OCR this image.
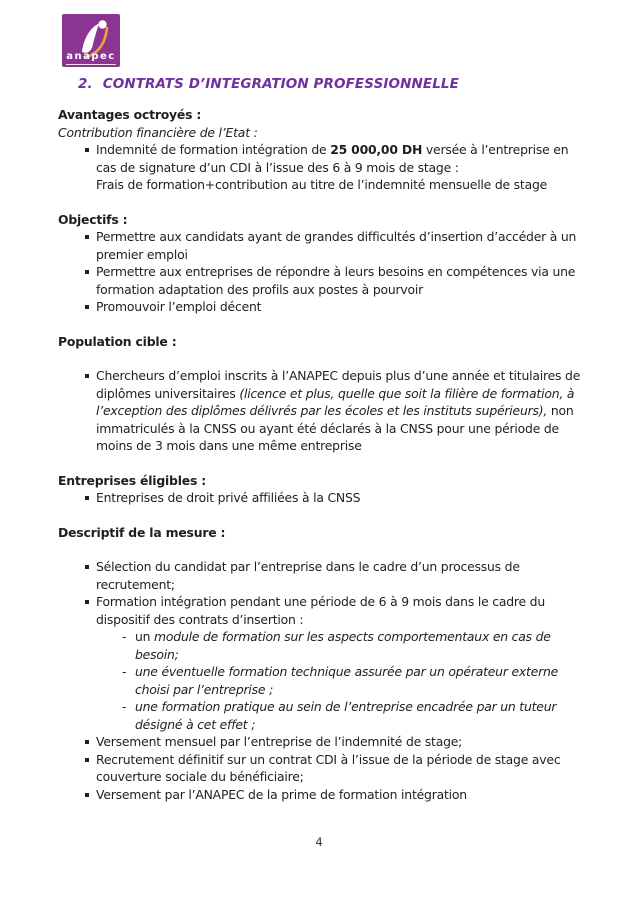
anapec
2. CONTRATS D’INTEGRATION PROFESSIONNELLE
Avantages octroyés :
Contribution financière de l’Etat :
Indemnité de formation intégration de 25 000,00 DH versée à l’entreprise en cas de signature d’un CDI à l’issue des 6 à 9 mois de stage :
Frais de formation+contribution au titre de l’indemnité mensuelle de stage
Objectifs :
Permettre aux candidats ayant de grandes difficultés d’insertion d’accéder à un premier emploi
Permettre aux entreprises de répondre à leurs besoins en compétences via une formation adaptation des profils aux postes à pourvoir
Promouvoir l’emploi décent
Population cible :
Chercheurs d’emploi inscrits à l’ANAPEC depuis plus d’une année et titulaires de diplômes universitaires (licence et plus, quelle que soit la filière de formation, à l’exception des diplômes délivrés par les écoles et les instituts supérieurs), non immatriculés à la CNSS ou ayant été déclarés à la CNSS pour une période de moins de 3 mois dans une même entreprise
Entreprises éligibles :
Entreprises de droit privé affiliées à la CNSS
Descriptif de la mesure :
Sélection du candidat par l’entreprise dans le cadre d’un processus de recrutement;
Formation intégration pendant une période de 6 à 9 mois dans le cadre du dispositif des contrats d’insertion :
- un module de formation sur les aspects comportementaux en cas de besoin;
- une éventuelle formation technique assurée par un opérateur externe choisi par l’entreprise ;
- une formation pratique au sein de l’entreprise encadrée par un tuteur désigné à cet effet ;
Versement mensuel par l’entreprise de l’indemnité de stage;
Recrutement définitif sur un contrat CDI à l’issue de la période de stage avec couverture sociale du bénéficiaire;
Versement par l’ANAPEC de la prime de formation intégration
4
